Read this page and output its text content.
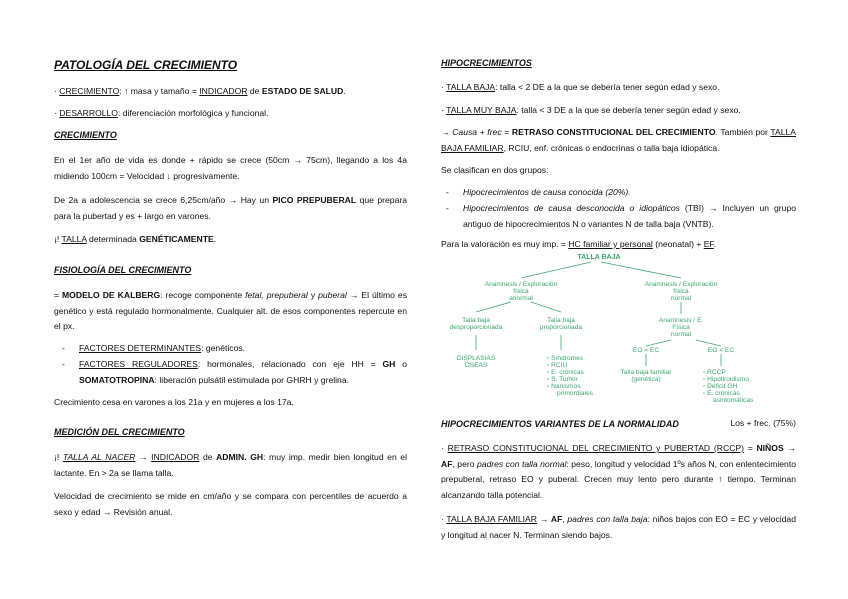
PATOLOGÍA DEL CRECIMIENTO
· CRECIMIENTO: ↑ masa y tamaño = INDICADOR de ESTADO DE SALUD.
· DESARROLLO: diferenciación morfológica y funcional.
CRECIMIENTO
En el 1er año de vida es donde + rápido se crece (50cm → 75cm), llegando a los 4a midiendo 100cm = Velocidad ↓ progresivamente.
De 2a a adolescencia se crece 6,25cm/año → Hay un PICO PREPUBERAL que prepara para la pubertad y es + largo en varones.
¡! TALLA determinada GENÉTICAMENTE.
FISIOLOGÍA DEL CRECIMIENTO
= MODELO DE KALBERG: recoge componente fetal, prepuberal y puberal → El último es genético y está regulado hormonalmente. Cualquier alt. de esos componentes repercute en el px.
- FACTORES DETERMINANTES: genéticos.
- FACTORES REGULADORES: hormonales, relacionado con eje HH = GH o SOMATOTROPINA: liberación pulsátil estimulada por GHRH y grelina.
Crecimiento cesa en varones a los 21a y en mujeres a los 17a.
MEDICIÓN DEL CRECIMIENTO
¡! TALLA AL NACER → INDICADOR de ADMIN. GH: muy imp. medir bien longitud en el lactante. En > 2a se llama talla.
Velocidad de crecimiento se mide en cm/año y se compara con percentiles de acuerdo a sexo y edad → Revisión anual.
HIPOCRECIMIENTOS
· TALLA BAJA: talla < 2 DE a la que se debería tener según edad y sexo.
· TALLA MUY BAJA: talla < 3 DE a la que se debería tener según edad y sexo.
→ Causa + frec = RETRASO CONSTITUCIONAL DEL CRECIMIENTO. También por TALLA BAJA FAMILIAR, RCIU, enf. crónicas o endocrinas o talla baja idiopática.
Se clasifican en dos grupos:
- Hipocrecimientos de causa conocida (20%).
- Hipocrecimientos de causa desconocida o idiopáticos (TBI) → Incluyen un grupo antiguo de hipocrecimientos N o variantes N de talla baja (VNTB).
Para la valoración es muy imp. = HC familiar y personal (neonatal) + EF.
TALLA BAJA
Anamnesis / Exploración
física
anormal
Anamnesis / Exploración
física
normal
Talla baja
desproporcionada
Talla baja
proporcionada
DISPLASIAS
ÓSEAS
▫ Síndromes
▫ RCIU
▫ E. crónicas
▫ S. Tumor
▫ Nanismos
primordiales
Anamnesis / E.
Física
normal
EO = EC	EO < EC
Talla baja familiar
(genética)
▫ RCCP
▫ Hipotiroidismo
▫ Déficit GH
▫ E. crónicas
asintomáticas
HIPOCRECIMIENTOS VARIANTES DE LA NORMALIDAD	Los + frec. (75%)
· RETRASO CONSTITUCIONAL DEL CRECIMIENTO y PUBERTAD (RCCP) = NIÑOS → AF, pero padres con talla normal: peso, longitud y velocidad 1ºs años N, con enlentecimiento prepuberal, retraso EO y puberal. Crecen muy lento pero durante ↑ tiempo. Terminan alcanzando talla potencial.
· TALLA BAJA FAMILIAR → AF, padres con talla baja: niños bajos con EO = EC y velocidad y longitud al nacer N. Terminan siendo bajos.
